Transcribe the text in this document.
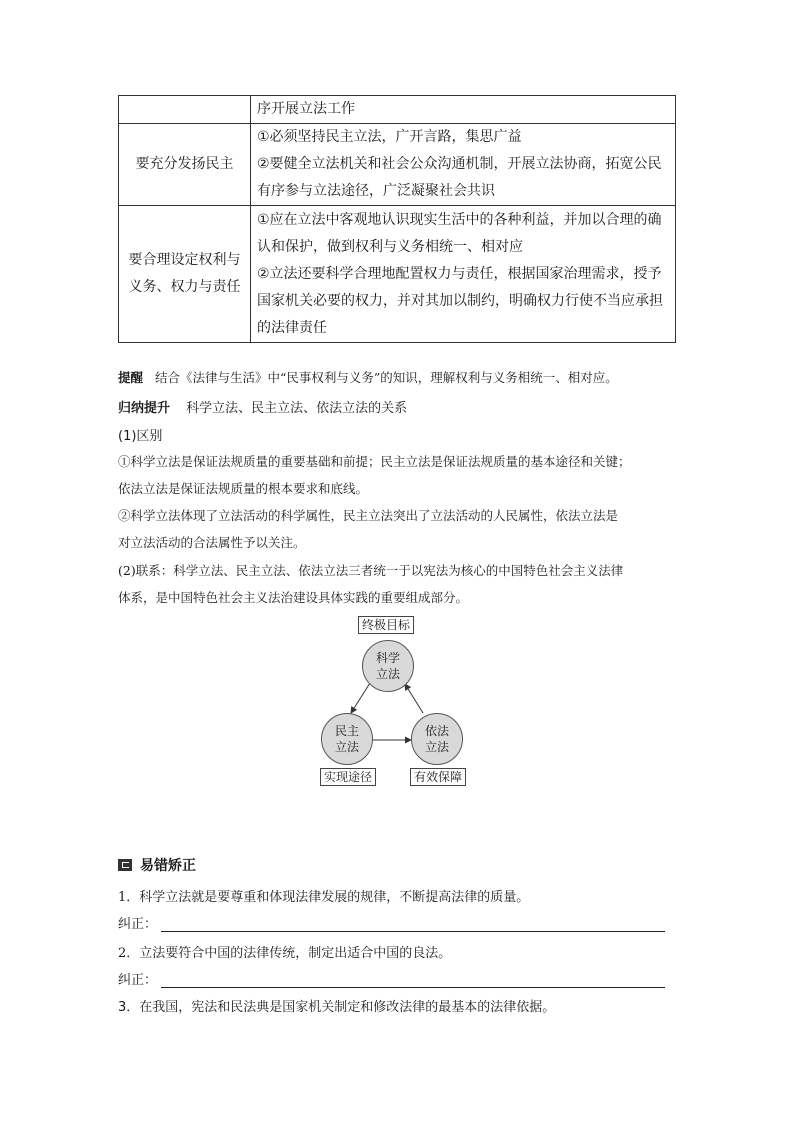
	序开展立法工作

要充分发扬民主	①必须坚持民主立法，广开言路，集思广益
②要健全立法机关和社会公众沟通机制，开展立法协商，拓宽公民
有序参与立法途径，广泛凝聚社会共识

要合理设定权利与
义务、权力与责任	①应在立法中客观地认识现实生活中的各种利益，并加以合理的确
认和保护，做到权利与义务相统一、相对应
②立法还要科学合理地配置权力与责任，根据国家治理需求，授予
国家机关必要的权力，并对其加以制约，明确权力行使不当应承担
的法律责任
提醒 结合《法律与生活》中“民事权利与义务”的知识，理解权利与义务相统一、相对应。
归纳提升 科学立法、民主立法、依法立法的关系
(1)区别
①科学立法是保证法规质量的重要基础和前提；民主立法是保证法规质量的基本途径和关键；
依法立法是保证法规质量的根本要求和底线。
②科学立法体现了立法活动的科学属性，民主立法突出了立法活动的人民属性，依法立法是
对立法活动的合法属性予以关注。
(2)联系：科学立法、民主立法、依法立法三者统一于以宪法为核心的中国特色社会主义法律
体系，是中国特色社会主义法治建设具体实践的重要组成部分。
终极目标
科学
立法
民主
立法
依法
立法
实现途径	有效保障
易错矫正
1．科学立法就是要尊重和体现法律发展的规律，不断提高法律的质量。
纠正：
2．立法要符合中国的法律传统，制定出适合中国的良法。
纠正：
3．在我国，宪法和民法典是国家机关制定和修改法律的最基本的法律依据。
